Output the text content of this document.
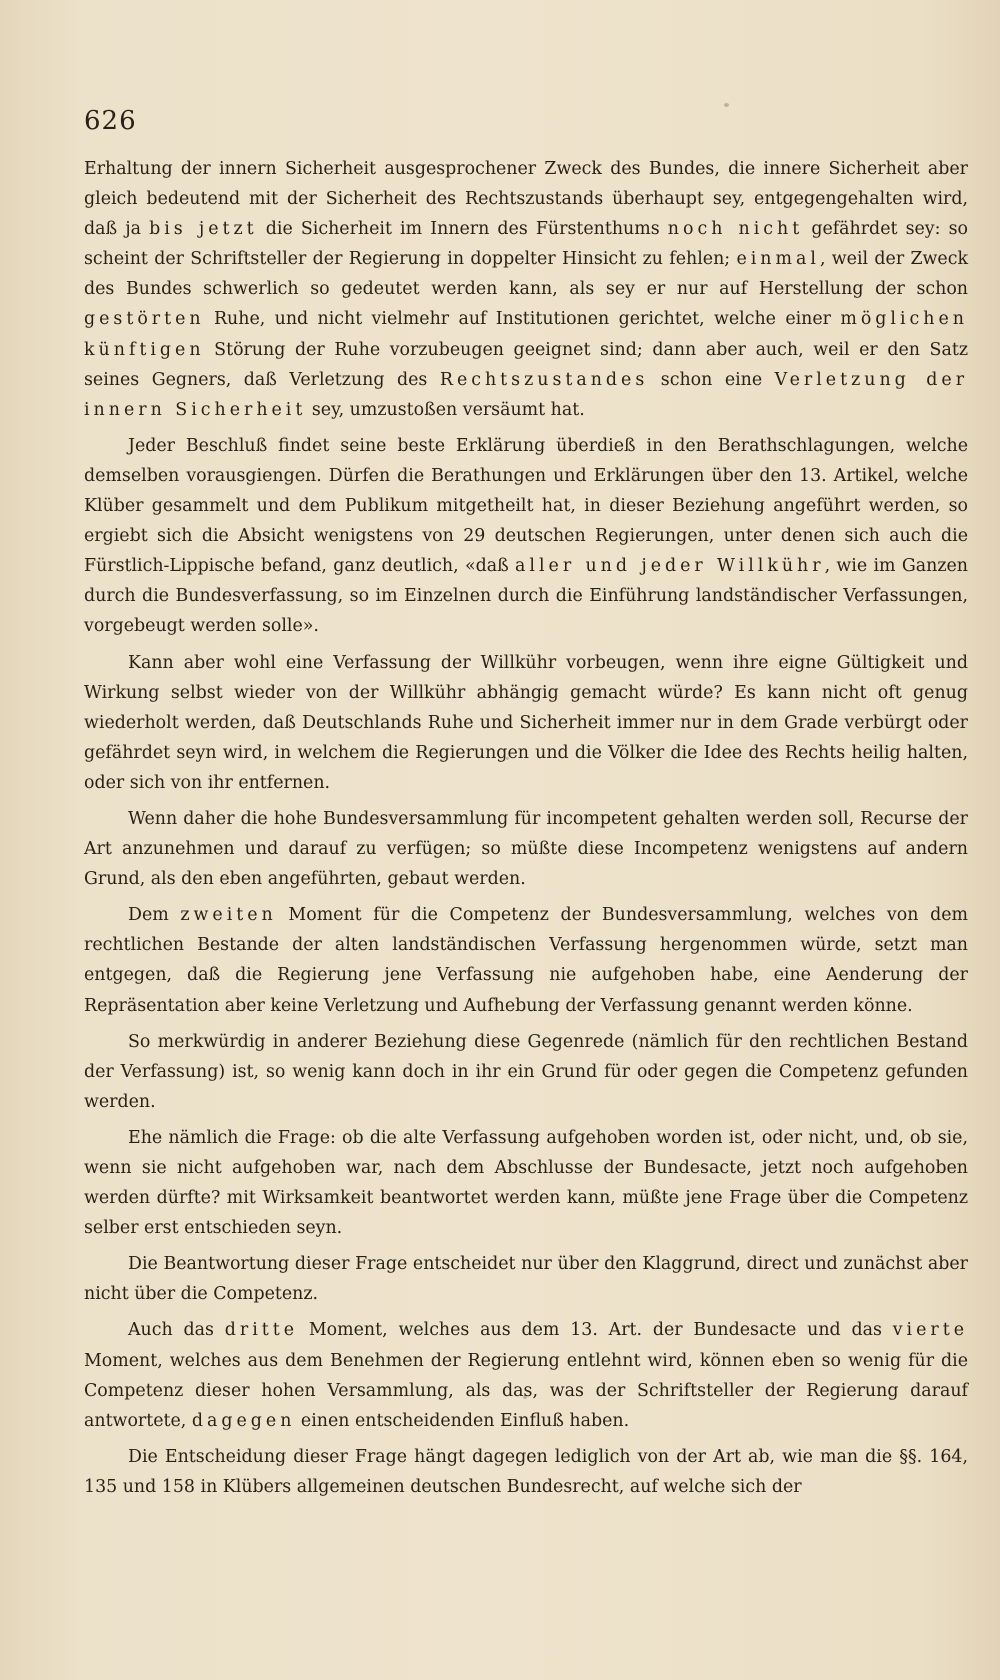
626

Erhaltung der innern Sicherheit ausgesprochener Zweck des Bundes, die innere Sicherheit aber gleich bedeutend mit der Sicherheit des Rechtszustands überhaupt sey, entgegengehalten wird, daß ja bis jetzt die Sicherheit im Innern des Fürstenthums noch nicht gefährdet sey: so scheint der Schriftsteller der Regierung in doppelter Hinsicht zu fehlen; einmal, weil der Zweck des Bundes schwerlich so gedeutet werden kann, als sey er nur auf Herstellung der schon gestörten Ruhe, und nicht vielmehr auf Institutionen gerichtet, welche einer möglichen künftigen Störung der Ruhe vorzubeugen geeignet sind; dann aber auch, weil er den Satz seines Gegners, daß Verletzung des Rechtszustandes schon eine Verletzung der innern Sicherheit sey, umzustoßen versäumt hat.

Jeder Beschluß findet seine beste Erklärung überdieß in den Berathschlagungen, welche demselben vorausgiengen. Dürfen die Berathungen und Erklärungen über den 13. Artikel, welche Klüber gesammelt und dem Publikum mitgetheilt hat, in dieser Beziehung angeführt werden, so ergiebt sich die Absicht wenigstens von 29 deutschen Regierungen, unter denen sich auch die Fürstlich-Lippische befand, ganz deutlich, «daß aller und jeder Willkühr, wie im Ganzen durch die Bundesverfassung, so im Einzelnen durch die Einführung landständischer Verfassungen, vorgebeugt werden solle».

Kann aber wohl eine Verfassung der Willkühr vorbeugen, wenn ihre eigne Gültigkeit und Wirkung selbst wieder von der Willkühr abhängig gemacht würde? Es kann nicht oft genug wiederholt werden, daß Deutschlands Ruhe und Sicherheit immer nur in dem Grade verbürgt oder gefährdet seyn wird, in welchem die Regierungen und die Völker die Idee des Rechts heilig halten, oder sich von ihr entfernen.

Wenn daher die hohe Bundesversammlung für incompetent gehalten werden soll, Recurse der Art anzunehmen und darauf zu verfügen; so müßte diese Incompetenz wenigstens auf andern Grund, als den eben angeführten, gebaut werden.

Dem zweiten Moment für die Competenz der Bundesversammlung, welches von dem rechtlichen Bestande der alten landständischen Verfassung hergenommen würde, setzt man entgegen, daß die Regierung jene Verfassung nie aufgehoben habe, eine Aenderung der Repräsentation aber keine Verletzung und Aufhebung der Verfassung genannt werden könne.

So merkwürdig in anderer Beziehung diese Gegenrede (nämlich für den rechtlichen Bestand der Verfassung) ist, so wenig kann doch in ihr ein Grund für oder gegen die Competenz gefunden werden.

Ehe nämlich die Frage: ob die alte Verfassung aufgehoben worden ist, oder nicht, und, ob sie, wenn sie nicht aufgehoben war, nach dem Abschlusse der Bundesacte, jetzt noch aufgehoben werden dürfte? mit Wirksamkeit beantwortet werden kann, müßte jene Frage über die Competenz selber erst entschieden seyn.

Die Beantwortung dieser Frage entscheidet nur über den Klaggrund, direct und zunächst aber nicht über die Competenz.

Auch das dritte Moment, welches aus dem 13. Art. der Bundesacte und das vierte Moment, welches aus dem Benehmen der Regierung entlehnt wird, können eben so wenig für die Competenz dieser hohen Versammlung, als das, was der Schriftsteller der Regierung darauf antwortete, dagegen einen entscheidenden Einfluß haben.

Die Entscheidung dieser Frage hängt dagegen lediglich von der Art ab, wie man die §§. 164, 135 und 158 in Klübers allgemeinen deutschen Bundesrecht, auf welche sich der
